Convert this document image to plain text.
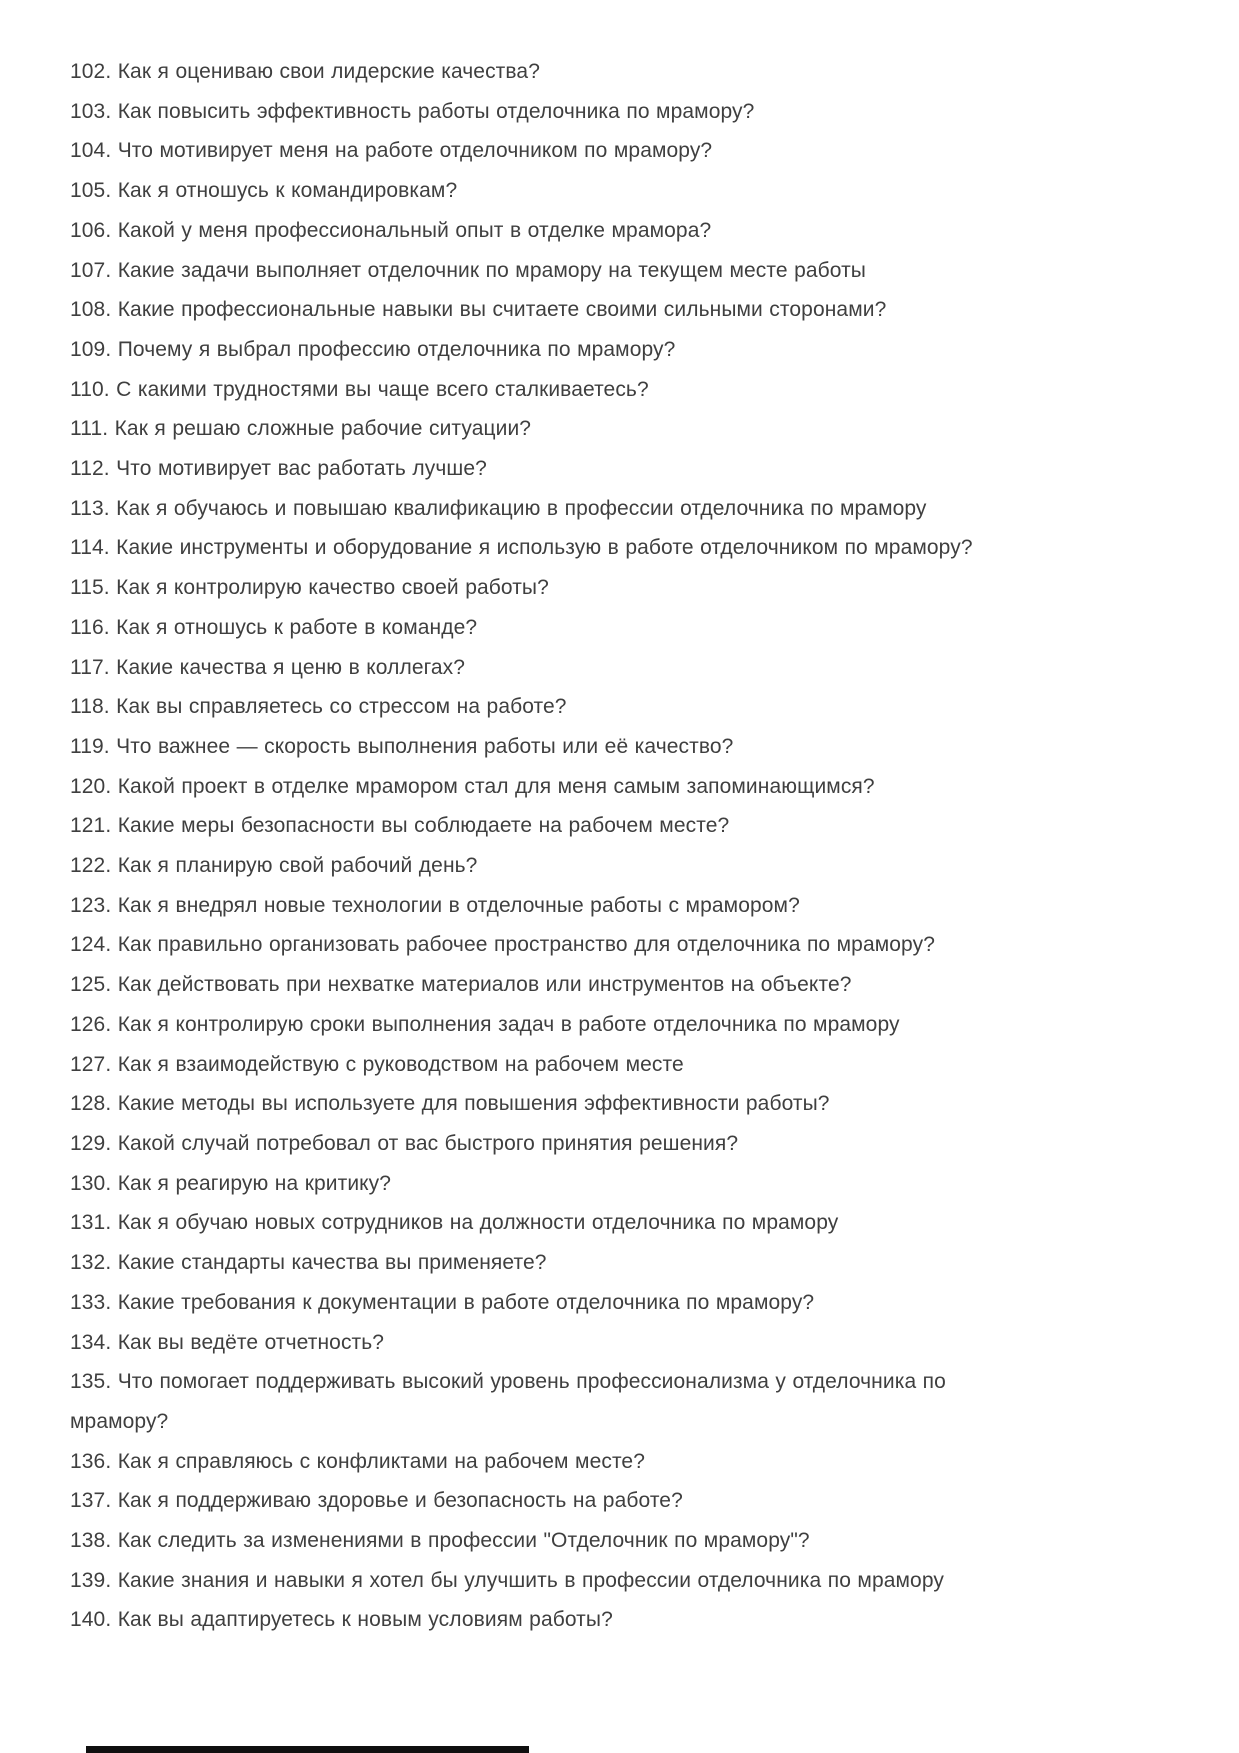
102. Как я оцениваю свои лидерские качества?

103. Как повысить эффективность работы отделочника по мрамору?

104. Что мотивирует меня на работе отделочником по мрамору?

105. Как я отношусь к командировкам?

106. Какой у меня профессиональный опыт в отделке мрамора?

107. Какие задачи выполняет отделочник по мрамору на текущем месте работы

108. Какие профессиональные навыки вы считаете своими сильными сторонами?

109. Почему я выбрал профессию отделочника по мрамору?

110. С какими трудностями вы чаще всего сталкиваетесь?

111. Как я решаю сложные рабочие ситуации?

112. Что мотивирует вас работать лучше?

113. Как я обучаюсь и повышаю квалификацию в профессии отделочника по мрамору

114. Какие инструменты и оборудование я использую в работе отделочником по мрамору?

115. Как я контролирую качество своей работы?

116. Как я отношусь к работе в команде?

117. Какие качества я ценю в коллегах?

118. Как вы справляетесь со стрессом на работе?

119. Что важнее — скорость выполнения работы или её качество?

120. Какой проект в отделке мрамором стал для меня самым запоминающимся?

121. Какие меры безопасности вы соблюдаете на рабочем месте?

122. Как я планирую свой рабочий день?

123. Как я внедрял новые технологии в отделочные работы с мрамором?

124. Как правильно организовать рабочее пространство для отделочника по мрамору?

125. Как действовать при нехватке материалов или инструментов на объекте?

126. Как я контролирую сроки выполнения задач в работе отделочника по мрамору

127. Как я взаимодействую с руководством на рабочем месте

128. Какие методы вы используете для повышения эффективности работы?

129. Какой случай потребовал от вас быстрого принятия решения?

130. Как я реагирую на критику?

131. Как я обучаю новых сотрудников на должности отделочника по мрамору

132. Какие стандарты качества вы применяете?

133. Какие требования к документации в работе отделочника по мрамору?

134. Как вы ведёте отчетность?

135. Что помогает поддерживать высокий уровень профессионализма у отделочника по мрамору?

136. Как я справляюсь с конфликтами на рабочем месте?

137. Как я поддерживаю здоровье и безопасность на работе?

138. Как следить за изменениями в профессии "Отделочник по мрамору"?

139. Какие знания и навыки я хотел бы улучшить в профессии отделочника по мрамору

140. Как вы адаптируетесь к новым условиям работы?
